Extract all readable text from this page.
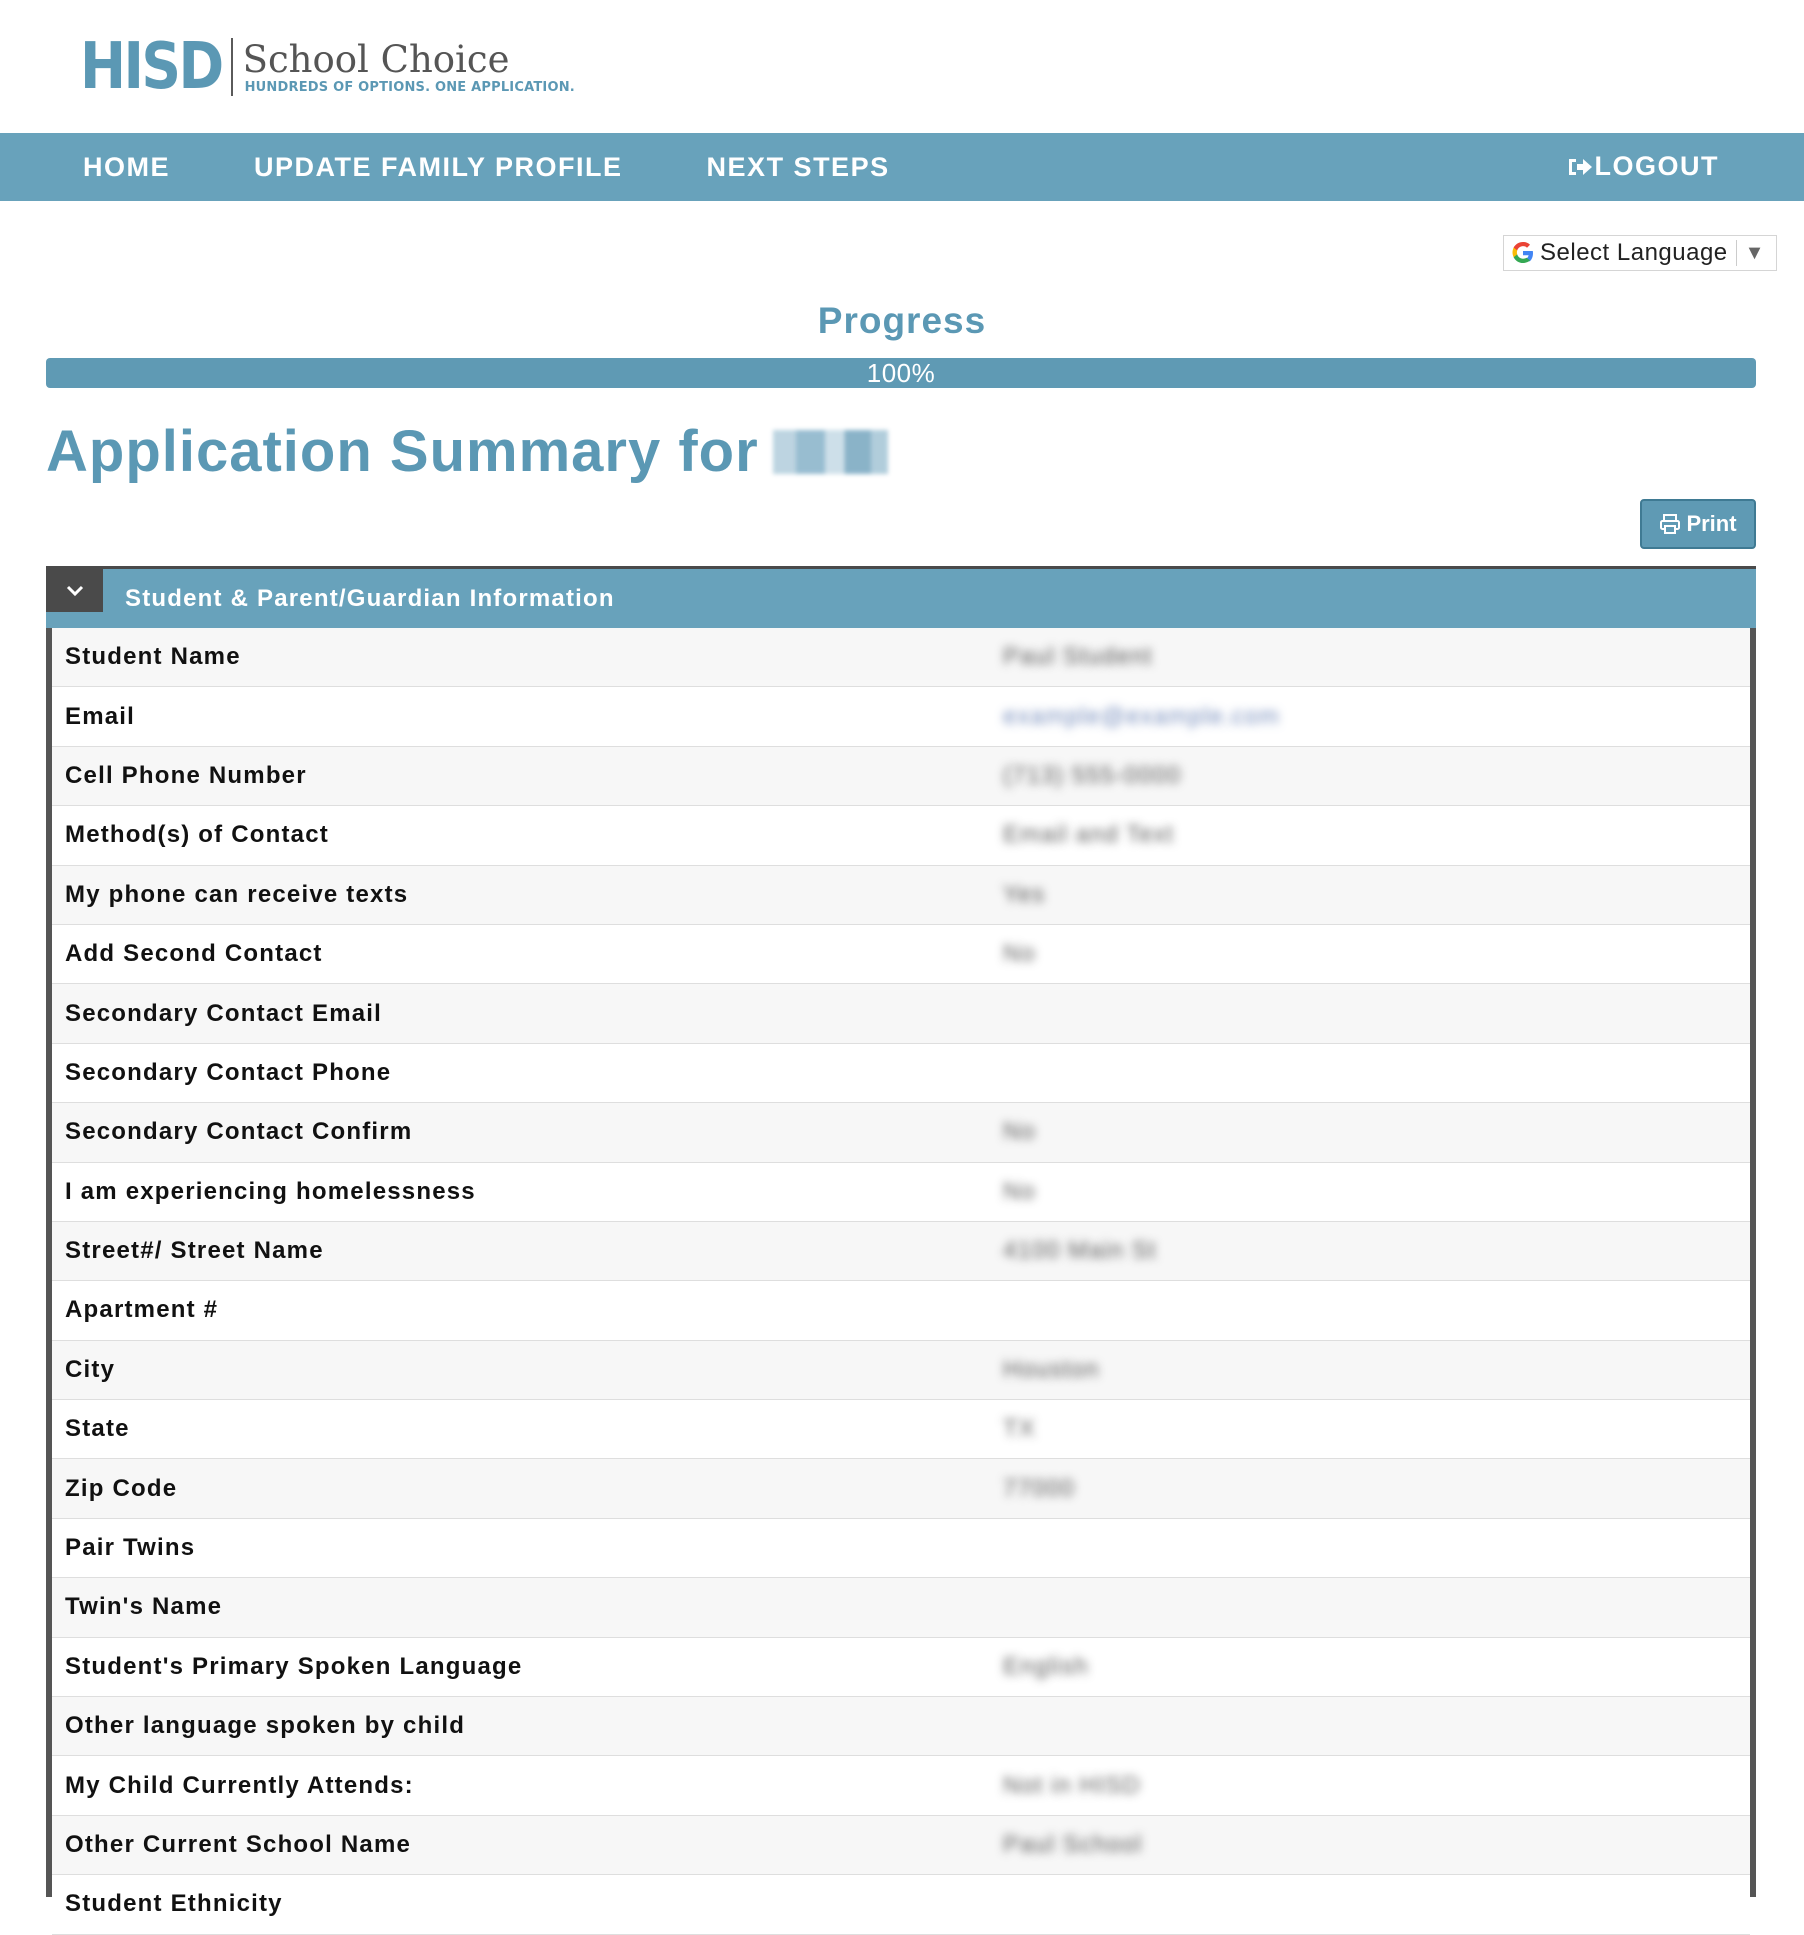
HISD School Choice
HUNDREDS OF OPTIONS. ONE APPLICATION.
HOME	UPDATE FAMILY PROFILE	NEXT STEPS	LOGOUT
Select Language ▼
Progress
100%
Application Summary for
Print
Student & Parent/Guardian Information
Student Name	Paul Student
Email	example@example.com
Cell Phone Number	(713) 555-0000
Method(s) of Contact	Email and Text
My phone can receive texts	Yes
Add Second Contact	No
Secondary Contact Email
Secondary Contact Phone
Secondary Contact Confirm	No
I am experiencing homelessness	No
Street#/ Street Name	4100 Main St
Apartment #
City	Houston
State	TX
Zip Code	77000
Pair Twins
Twin's Name
Student's Primary Spoken Language	English
Other language spoken by child
My Child Currently Attends:	Not in HISD
Other Current School Name	Paul School
Student Ethnicity
